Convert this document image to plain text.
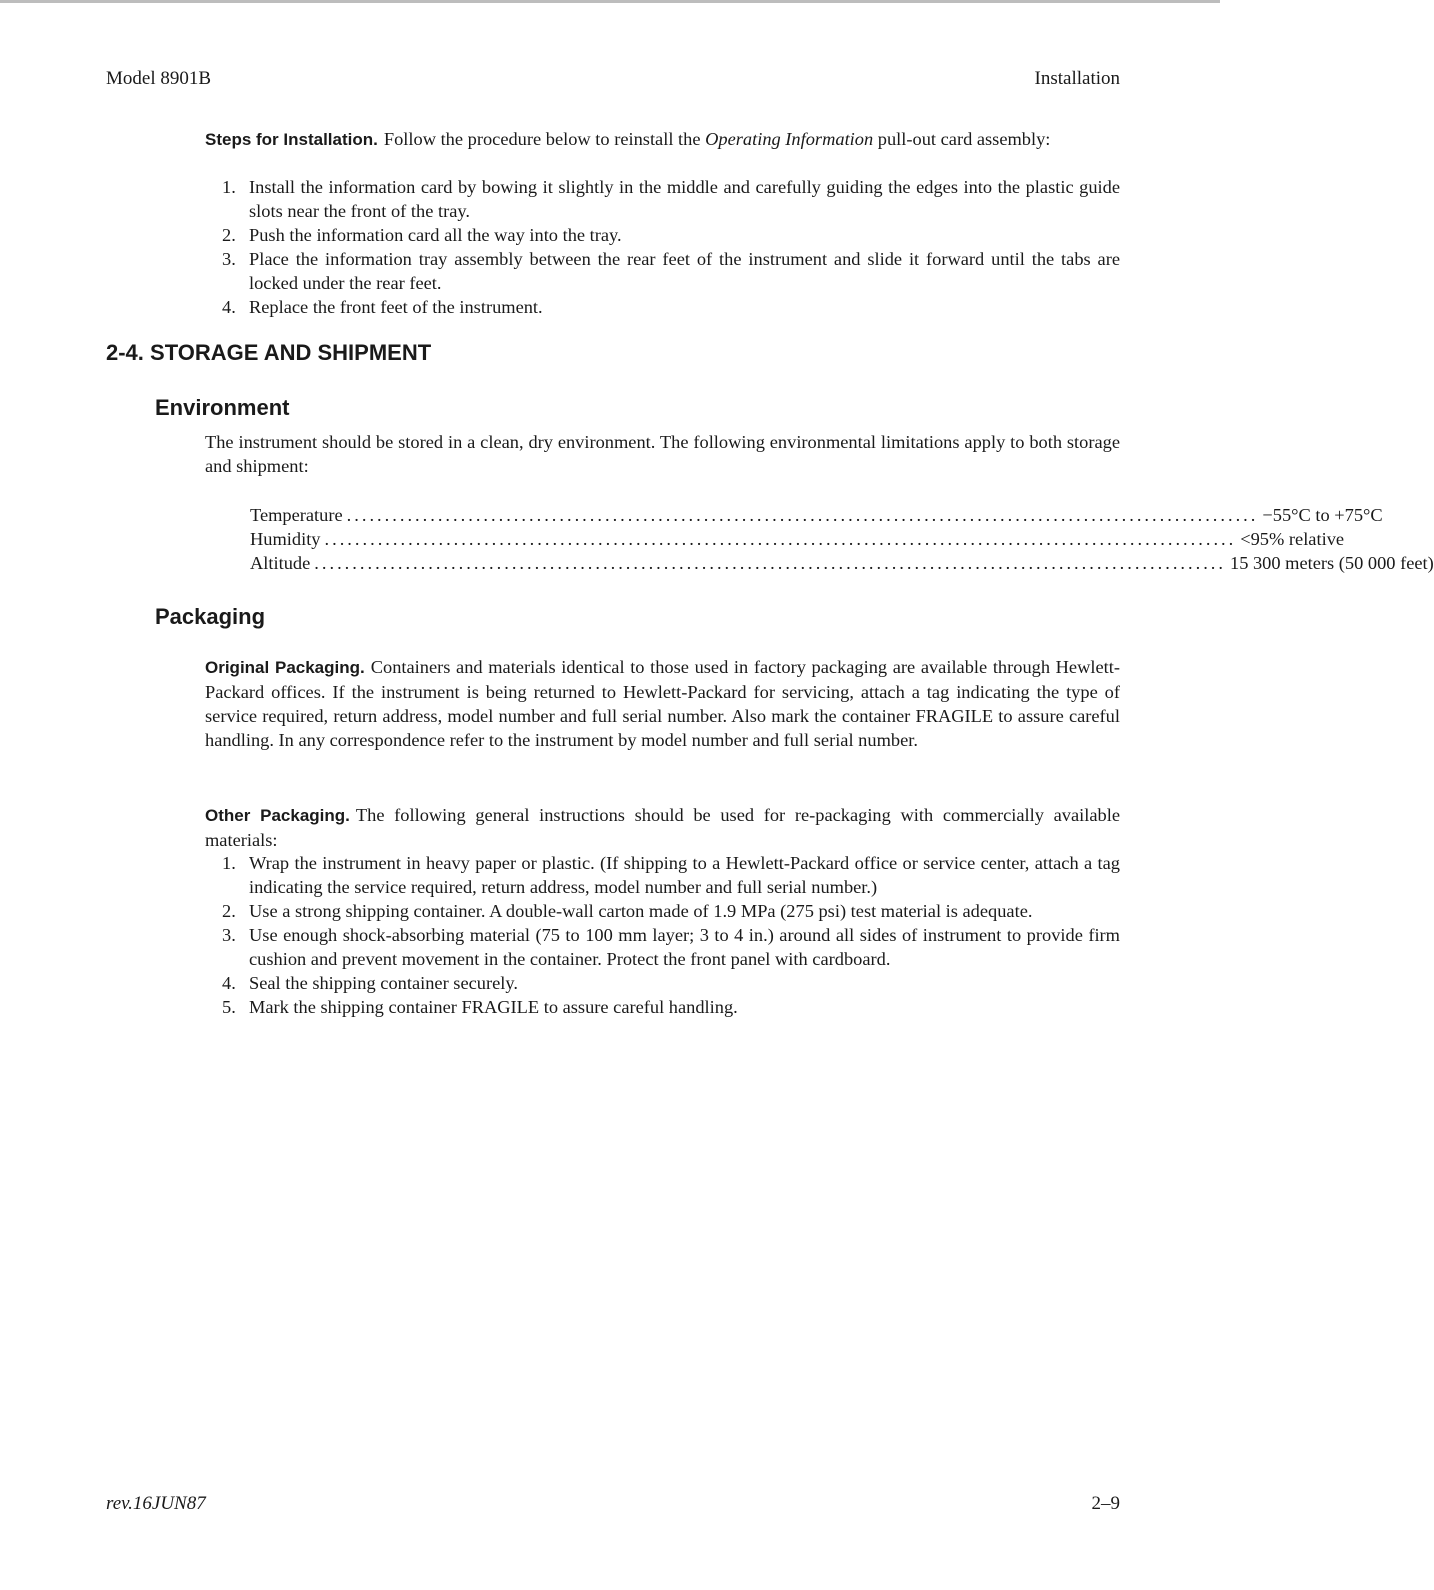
Model 8901B	Installation
Steps for Installation. Follow the procedure below to reinstall the Operating Information pull-out card assembly:
1. Install the information card by bowing it slightly in the middle and carefully guiding the edges into the plastic guide slots near the front of the tray.
2. Push the information card all the way into the tray.
3. Place the information tray assembly between the rear feet of the instrument and slide it forward until the tabs are locked under the rear feet.
4. Replace the front feet of the instrument.
2-4. STORAGE AND SHIPMENT
Environment
The instrument should be stored in a clean, dry environment. The following environmental limitations apply to both storage and shipment:
Temperature ........................................................................................................................ −55°C to +75°C
Humidity ........................................................................................................................ <95% relative
Altitude ........................................................................................................................ 15 300 meters (50 000 feet)
Packaging
Original Packaging. Containers and materials identical to those used in factory packaging are available through Hewlett-Packard offices. If the instrument is being returned to Hewlett-Packard for servicing, attach a tag indicating the type of service required, return address, model number and full serial number. Also mark the container FRAGILE to assure careful handling. In any correspondence refer to the instrument by model number and full serial number.
Other Packaging. The following general instructions should be used for re-packaging with commercially available materials:
1. Wrap the instrument in heavy paper or plastic. (If shipping to a Hewlett-Packard office or service center, attach a tag indicating the service required, return address, model number and full serial number.)
2. Use a strong shipping container. A double-wall carton made of 1.9 MPa (275 psi) test material is adequate.
3. Use enough shock-absorbing material (75 to 100 mm layer; 3 to 4 in.) around all sides of instrument to provide firm cushion and prevent movement in the container. Protect the front panel with cardboard.
4. Seal the shipping container securely.
5. Mark the shipping container FRAGILE to assure careful handling.
rev.16JUN87	2–9
